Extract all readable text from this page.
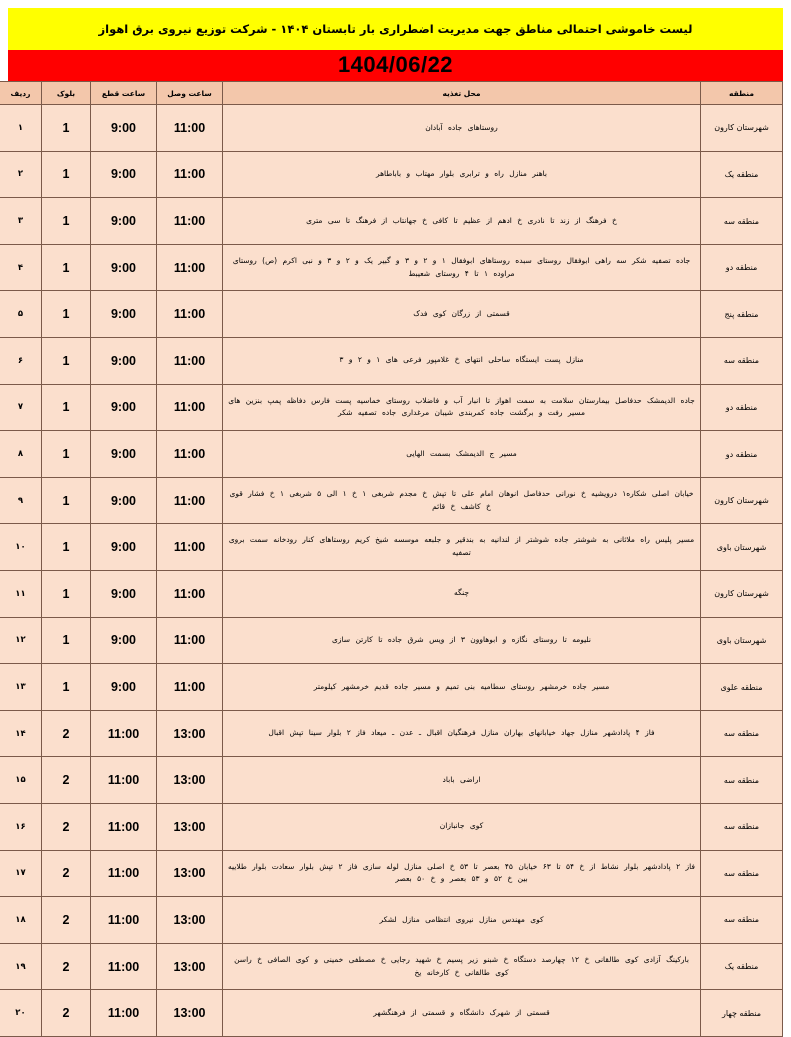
لیست خاموشی احتمالی مناطق جهت مدیریت اضطراری بار تابستان ۱۴۰۴ - شرکت توزیع نیروی برق اهواز
1404/06/22
منطقه	محل تغذیه	ساعت وصل	ساعت قطع	بلوک	ردیف
شهرستان کارون	روستاهای جاده آبادان	11:00	9:00	1	۱
منطقه یک	باهنر منازل راه و ترابری بلوار مهتاب و باباطاهر	11:00	9:00	1	۲
منطقه سه	خ فرهنگ از زند تا نادری خ ادهم از عظیم تا کافی خ جهانتاب از فرهنگ تا سی متری	11:00	9:00	1	۳
منطقه دو	جاده تصفیه شکر سه راهی ابوفقال روستای سبده روستاهای ابوفقال ۱ و ۲ و ۳ و گبیر یک و ۲ و ۳ و نبی اکرم (ص) روستای مراوده ۱ تا ۴ روستای شعیبط	11:00	9:00	1	۴
منطقه پنج	قسمتی از زرگان کوی فدک	11:00	9:00	1	۵
منطقه سه	منازل پست ایستگاه ساحلی انتهای خ غلامپور فرعی های ۱ و ۲ و ۳	11:00	9:00	1	۶
منطقه دو	جاده الدیمشک حدفاصل بیمارستان سلامت به سمت اهواز تا انبار آب و فاضلاب روستای خماسیه پست فارس دفاظه پمپ بنزین های مسیر رفت و برگشت جاده کمربندی شیبان مرغداری جاده تصفیه شکر	11:00	9:00	1	۷
منطقه دو	مسیر ج الدیمشک بسمت الهایی	11:00	9:00	1	۸
شهرستان کارون	خیابان اصلی شکاره۱ درویشیه خ نورانی حدفاصل انوهان امام علی تا تپش خ مجدم شربغی ۱ خ ۱ الی ۵ شربغی ۱ خ فشار قوی خ کاشف خ قائم	11:00	9:00	1	۹
شهرستان باوی	مسیر پلیس راه ملاثانی به شوشتر جاده شوشتر از لندانیه به بندقیر و جلبعه موسسه شیخ کریم روستاهای کنار رودخانه سمت بروی تصفیه	11:00	9:00	1	۱۰
شهرستان کارون	چنگه	11:00	9:00	1	۱۱
شهرستان باوی	نلیومه تا روستای نگازه و ابوهاوون ۳ از ویس شرق جاده تا کارتن سازی	11:00	9:00	1	۱۲
منطقه علوی	مسیر جاده خرمشهر روستای سطامیه بنی تمیم و مسیر جاده قدیم خرمشهر کیلومتر	11:00	9:00	1	۱۳
منطقه سه	فاز ۴ پادادشهر منازل جهاد خیابانهای بهاران منازل فرهنگیان اقبال ـ عدن ـ میعاد فاز ۲ بلوار سینا تپش اقبال	13:00	11:00	2	۱۴
منطقه سه	اراضی باباد	13:00	11:00	2	۱۵
منطقه سه	کوی جانبازان	13:00	11:00	2	۱۶
منطقه سه	فاز ۲ پادادشهر بلوار نشاط از خ ۵۴ تا ۶۳ خیابان ۴۵ بعصر تا ۵۳ خ اصلی منازل لوله سازی فاز ۲ تپش بلوار سعادت بلوار طلاییه بین خ ۵۲ و ۵۳ بعصر و خ ۵۰ بعصر	13:00	11:00	2	۱۷
منطقه سه	کوی مهندس منازل نیروی انتظامی منازل لشکر	13:00	11:00	2	۱۸
منطقه یک	بارکینگ آزادی کوی طالقانی خ ۱۲ چهارصد دستگاه خ شبنو زیر پسیم خ شهید رجایی خ مصطفی خمینی و کوی الصافی خ راسن کوی طالقانی خ کارخانه یخ	13:00	11:00	2	۱۹
منطقه چهار	قسمتی از شهرک دانشگاه و قسمتی از فرهنگشهر	13:00	11:00	2	۲۰
